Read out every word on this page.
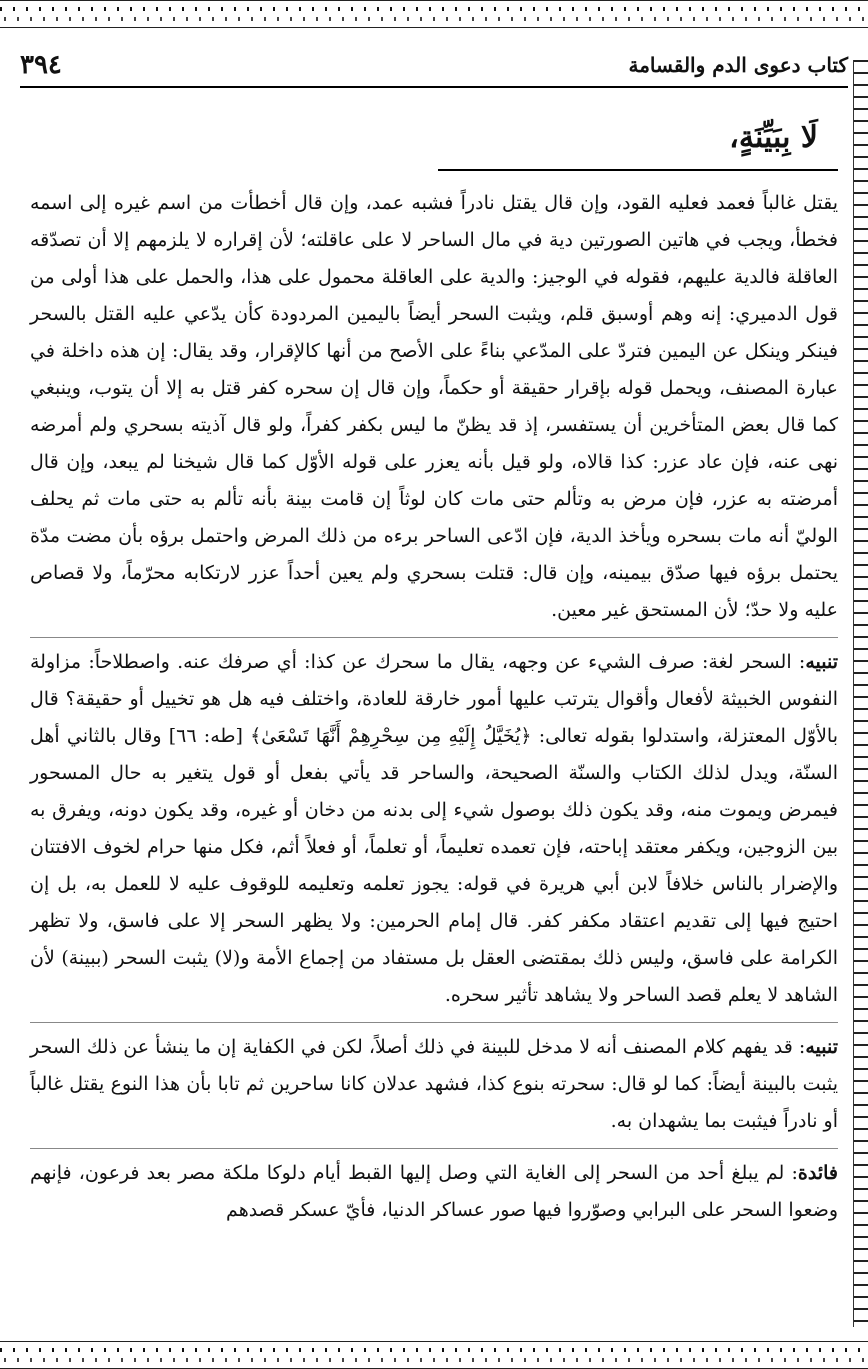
٣٩٤	كتاب دعوى الدم والقسامة
لَا بِبَيِّنَةٍ،

يقتل غالباً فعمد فعليه القود، وإن قال يقتل نادراً فشبه عمد، وإن قال أخطأت من اسم غيره إلى اسمه فخطأ، ويجب في هاتين الصورتين دية في مال الساحر لا على عاقلته؛ لأن إقراره لا يلزمهم إلا أن تصدّقه العاقلة فالدية عليهم، فقوله في الوجيز: والدية على العاقلة محمول على هذا، والحمل على هذا أولى من قول الدميري: إنه وهم أوسبق قلم، ويثبت السحر أيضاً باليمين المردودة كأن يدّعي عليه القتل بالسحر فينكر وينكل عن اليمين فتردّ على المدّعي بناءً على الأصح من أنها كالإقرار، وقد يقال: إن هذه داخلة في عبارة المصنف، ويحمل قوله بإقرار حقيقة أو حكماً، وإن قال إن سحره كفر قتل به إلا أن يتوب، وينبغي كما قال بعض المتأخرين أن يستفسر، إذ قد يظنّ ما ليس بكفر كفراً، ولو قال آذيته بسحري ولم أمرضه نهى عنه، فإن عاد عزر: كذا قالاه، ولو قيل بأنه يعزر على قوله الأوّل كما قال شيخنا لم يبعد، وإن قال أمرضته به عزر، فإن مرض به وتألم حتى مات كان لوثاً إن قامت بينة بأنه تألم به حتى مات ثم يحلف الوليّ أنه مات بسحره ويأخذ الدية، فإن ادّعى الساحر برءه من ذلك المرض واحتمل برؤه بأن مضت مدّة يحتمل برؤه فيها صدّق بيمينه، وإن قال: قتلت بسحري ولم يعين أحداً عزر لارتكابه محرّماً، ولا قصاص عليه ولا حدّ؛ لأن المستحق غير معين.

تنبيه: السحر لغة: صرف الشيء عن وجهه، يقال ما سحرك عن كذا: أي صرفك عنه. واصطلاحاً: مزاولة النفوس الخبيثة لأفعال وأقوال يترتب عليها أمور خارقة للعادة، واختلف فيه هل هو تخييل أو حقيقة؟ قال بالأوّل المعتزلة، واستدلوا بقوله تعالى: ﴿يُخَيَّلُ إِلَيْهِ مِن سِحْرِهِمْ أَنَّهَا تَسْعَىٰ﴾ [طه: ٦٦] وقال بالثاني أهل السنّة، ويدل لذلك الكتاب والسنّة الصحيحة، والساحر قد يأتي بفعل أو قول يتغير به حال المسحور فيمرض ويموت منه، وقد يكون ذلك بوصول شيء إلى بدنه من دخان أو غيره، وقد يكون دونه، ويفرق به بين الزوجين، ويكفر معتقد إباحته، فإن تعمده تعليماً، أو تعلماً، أو فعلاً أثم، فكل منها حرام لخوف الافتتان والإضرار بالناس خلافاً لابن أبي هريرة في قوله: يجوز تعلمه وتعليمه للوقوف عليه لا للعمل به، بل إن احتيج فيها إلى تقديم اعتقاد مكفر كفر. قال إمام الحرمين: ولا يظهر السحر إلا على فاسق، ولا تظهر الكرامة على فاسق، وليس ذلك بمقتضى العقل بل مستفاد من إجماع الأمة و(لا) يثبت السحر (ببينة) لأن الشاهد لا يعلم قصد الساحر ولا يشاهد تأثير سحره.

تنبيه: قد يفهم كلام المصنف أنه لا مدخل للبينة في ذلك أصلاً، لكن في الكفاية إن ما ينشأ عن ذلك السحر يثبت بالبينة أيضاً: كما لو قال: سحرته بنوع كذا، فشهد عدلان كانا ساحرين ثم تابا بأن هذا النوع يقتل غالباً أو نادراً فيثبت بما يشهدان به.

فائدة: لم يبلغ أحد من السحر إلى الغاية التي وصل إليها القبط أيام دلوكا ملكة مصر بعد فرعون، فإنهم وضعوا السحر على البرابي وصوّروا فيها صور عساكر الدنيا، فأيّ عسكر قصدهم
